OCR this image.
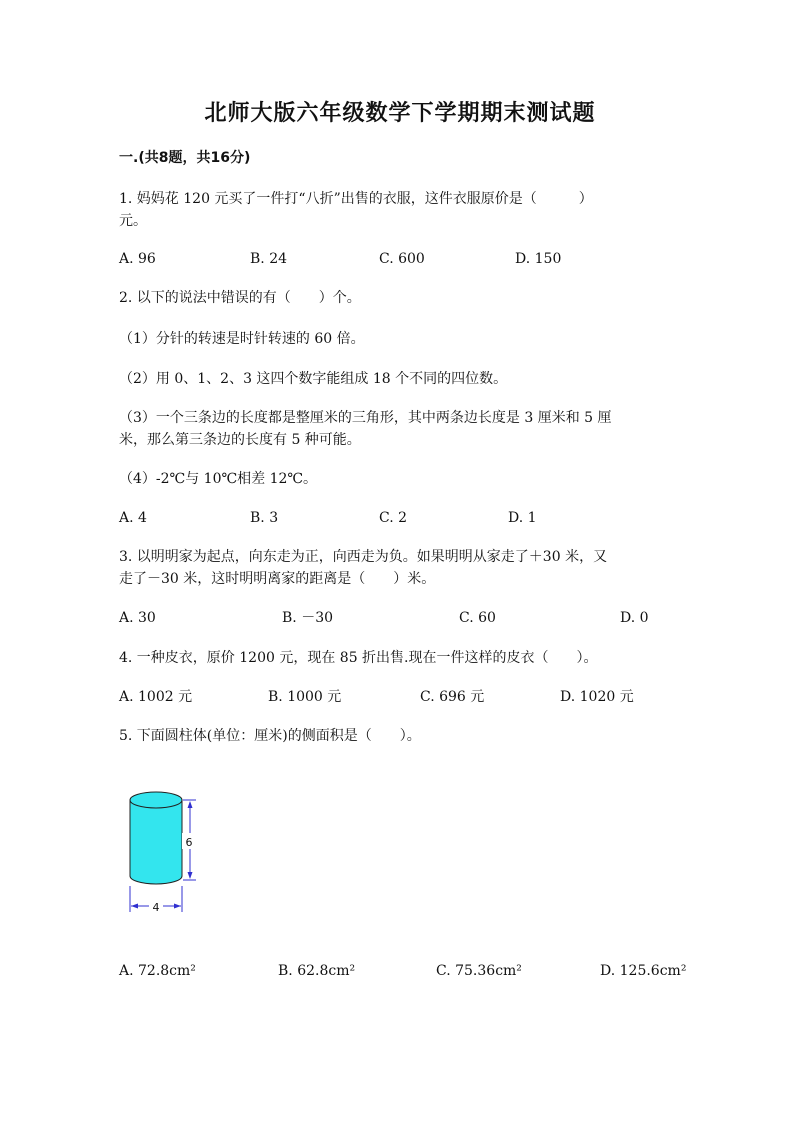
北师大版六年级数学下学期期末测试题
一.(共8题，共16分)
1. 妈妈花 120 元买了一件打“八折”出售的衣服，这件衣服原价是（　　　）
元。
A. 96	B. 24	C. 600	D. 150
2. 以下的说法中错误的有（　　）个。
（1）分针的转速是时针转速的 60 倍。
（2）用 0、1、2、3 这四个数字能组成 18 个不同的四位数。
（3）一个三条边的长度都是整厘米的三角形，其中两条边长度是 3 厘米和 5 厘
米，那么第三条边的长度有 5 种可能。
（4）-2℃与 10℃相差 12℃。
A. 4	B. 3	C. 2	D. 1
3. 以明明家为起点，向东走为正，向西走为负。如果明明从家走了＋30 米，又
走了－30 米，这时明明离家的距离是（　　）米。
A. 30	B. －30	C. 60	D. 0
4. 一种皮衣，原价 1200 元，现在 85 折出售.现在一件这样的皮衣（　　）。
A. 1002 元	B. 1000 元	C. 696 元	D. 1020 元
5. 下面圆柱体(单位：厘米)的侧面积是（　　）。
6
4
A. 72.8cm²	B. 62.8cm²	C. 75.36cm²	D. 125.6cm²
